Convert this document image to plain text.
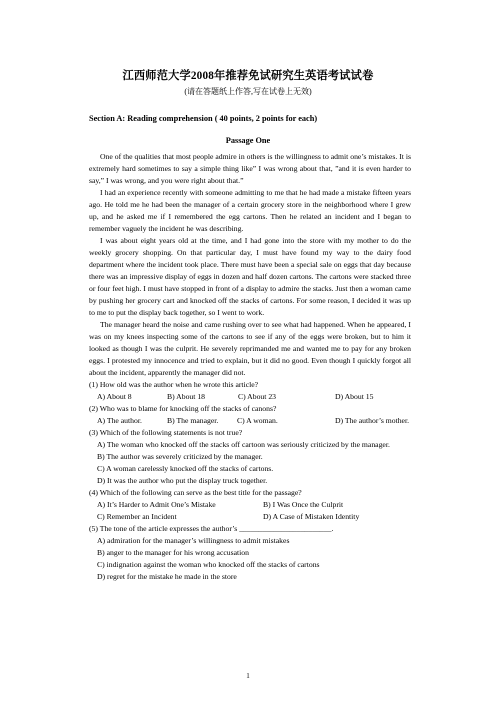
江西师范大学2008年推荐免试研究生英语考试试卷
(请在答题纸上作答,写在试卷上无效)
Section A: Reading comprehension ( 40 points, 2 points for each)
Passage One

One of the qualities that most people admire in others is the willingness to admit one’s mistakes. It is extremely hard sometimes to say a simple thing like” I was wrong about that, ”and it is even harder to say,” I was wrong, and you were right about that.”

I had an experience recently with someone admitting to me that he had made a mistake fifteen years ago. He told me he had been the manager of a certain grocery store in the neighborhood where I grew up, and he asked me if I remembered the egg cartons. Then he related an incident and I began to remember vaguely the incident he was describing.

I was about eight years old at the time, and I had gone into the store with my mother to do the weekly grocery shopping. On that particular day, I must have found my way to the dairy food department where the incident took place. There must have been a special sale on eggs that day because there was an impressive display of eggs in dozen and half dozen cartons. The cartons were stacked three or four feet high. I must have stopped in front of a display to admire the stacks. Just then a woman came by pushing her grocery cart and knocked off the stacks of cartons. For some reason, I decided it was up to me to put the display back together, so I went to work.

The manager heard the noise and came rushing over to see what had happened. When he appeared, I was on my knees inspecting some of the cartons to see if any of the eggs were broken, but to him it looked as though I was the culprit. He severely reprimanded me and wanted me to pay for any broken eggs. I protested my innocence and tried to explain, but it did no good. Even though I quickly forgot all about the incident, apparently the manager did not.

(1) How old was the author when he wrote this article?
A) About 8	B) About 18	C) About 23	D) About 15
(2) Who was to blame for knocking off the stacks of canons?
A) The author.	B) The manager.	C) A woman.	D) The author’s mother.
(3) Which of the following statements is not true?
A) The woman who knocked off the stacks off cartoon was seriously criticized by the manager.
B) The author was severely criticized by the manager.
C) A woman carelessly knocked off the stacks of cartons.
D) It was the author who put the display truck together.
(4) Which of the following can serve as the best title for the passage?
A) It’s Harder to Admit One’s Mistake	B) I Was Once the Culprit
C) Remember an Incident	D) A Case of Mistaken Identity
(5) The tone of the article expresses the author’s ________________________.
A) admiration for the manager’s willingness to admit mistakes
B) anger to the manager for his wrong accusation
C) indignation against the woman who knocked off the stacks of cartons
D) regret for the mistake he made in the store
1
